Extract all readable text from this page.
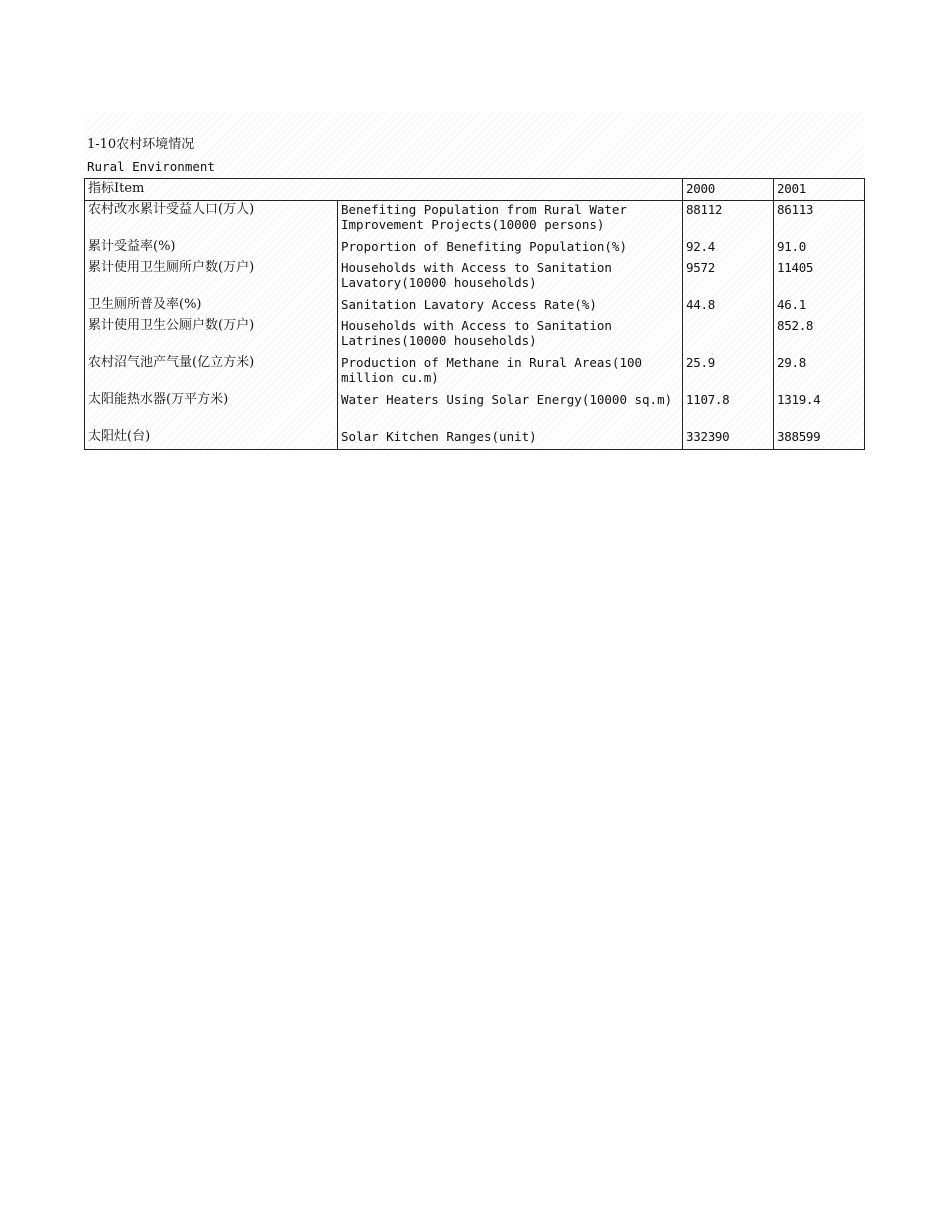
1-10农村环境情况
Rural Environment
指标Item		2000	2001
农村改水累计受益人口(万人)	Benefiting Population from Rural Water Improvement Projects(10000 persons)	88112	86113
累计受益率(%)	Proportion of Benefiting Population(%)	92.4	91.0
累计使用卫生厕所户数(万户)	Households with Access to Sanitation Lavatory(10000 households)	9572	11405
卫生厕所普及率(%)	Sanitation Lavatory Access Rate(%)	44.8	46.1
累计使用卫生公厕户数(万户)	Households with Access to Sanitation Latrines(10000 households)		852.8
农村沼气池产气量(亿立方米)	Production of Methane in Rural Areas(100 million cu.m)	25.9	29.8
太阳能热水器(万平方米)	Water Heaters Using Solar Energy(10000 sq.m)	1107.8	1319.4
太阳灶(台)	Solar Kitchen Ranges(unit)	332390	388599
